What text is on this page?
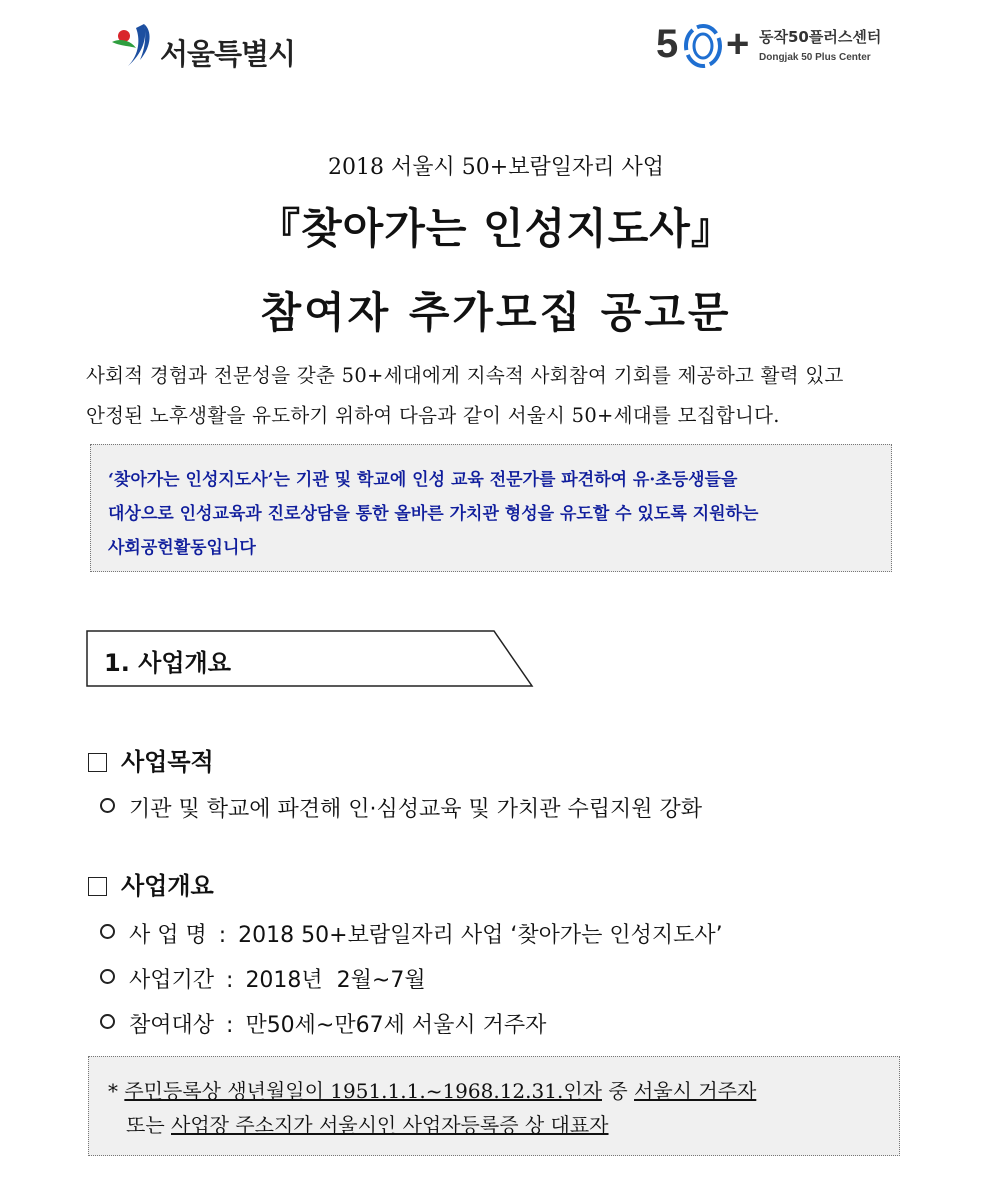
서울특별시	5 + 동작50플러스센터
Dongjak 50 Plus Center
2018 서울시 50+보람일자리 사업
『찾아가는 인성지도사』
참여자 추가모집 공고문
사회적 경험과 전문성을 갖춘 50+세대에게 지속적 사회참여 기회를 제공하고 활력 있고
안정된 노후생활을 유도하기 위하여 다음과 같이 서울시 50+세대를 모집합니다.
‘찾아가는 인성지도사’는 기관 및 학교에 인성 교육 전문가를 파견하여 유·초등생들을
대상으로 인성교육과 진로상담을 통한 올바른 가치관 형성을 유도할 수 있도록 지원하는
사회공헌활동입니다
1. 사업개요
사업목적
기관 및 학교에 파견해 인·심성교육 및 가치관 수립지원 강화
사업개요
사 업 명 : 2018 50+보람일자리 사업 ‘찾아가는 인성지도사’
사업기간 : 2018년  2월~7월
참여대상 : 만50세~만67세 서울시 거주자
* 주민등록상 생년월일이 1951.1.1.~1968.12.31.인자 중 서울시 거주자
또는 사업장 주소지가 서울시인 사업자등록증 상 대표자
